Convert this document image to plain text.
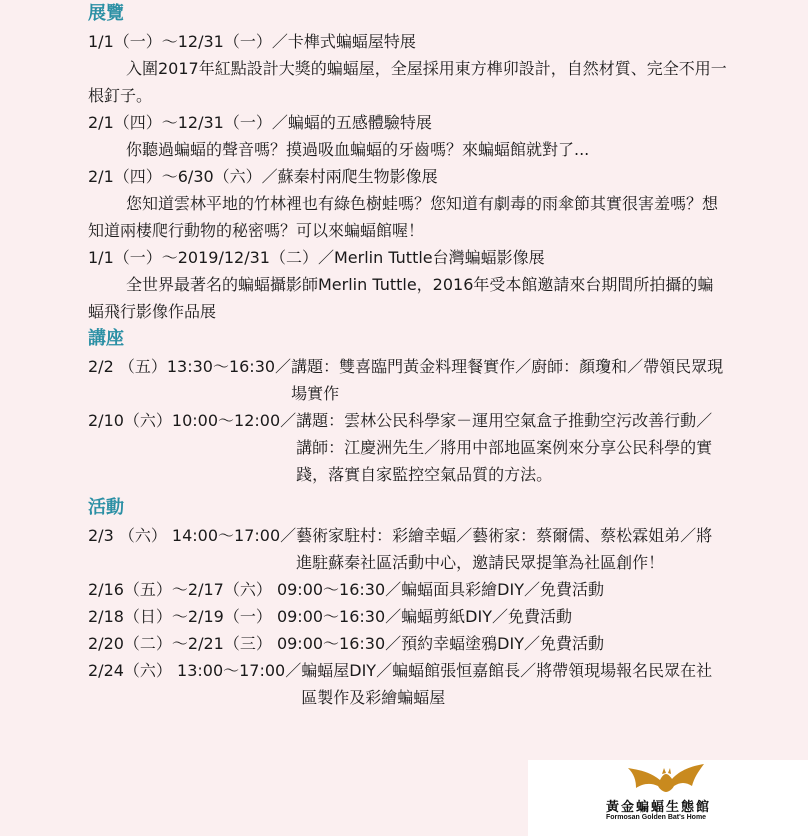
展覽
1/1（一）～12/31（一）／卡榫式蝙蝠屋特展
入圍2017年紅點設計大獎的蝙蝠屋，全屋採用東方榫卯設計，自然材質、完全不用一根釘子。
2/1（四）～12/31（一）／蝙蝠的五感體驗特展
你聽過蝙蝠的聲音嗎？摸過吸血蝙蝠的牙齒嗎？來蝙蝠館就對了...
2/1（四）～6/30（六）／蘇秦村兩爬生物影像展
您知道雲林平地的竹林裡也有綠色樹蛙嗎？您知道有劇毒的雨傘節其實很害羞嗎？想知道兩棲爬行動物的秘密嗎？可以來蝙蝠館喔！
1/1（一）～2019/12/31（二）／Merlin Tuttle台灣蝙蝠影像展
全世界最著名的蝙蝠攝影師Merlin Tuttle，2016年受本館邀請來台期間所拍攝的蝙蝠飛行影像作品展
講座
2/2 （五）13:30～16:30／ 講題：雙喜臨門黃金料理餐實作／廚師：顏瓊和／帶領民眾現場實作
2/10（六）10:00～12:00／ 講題：雲林公民科學家－運用空氣盒子推動空污改善行動／講師：江慶洲先生／將用中部地區案例來分享公民科學的實踐，落實自家監控空氣品質的方法。
活動
2/3 （六） 14:00～17:00／ 藝術家駐村：彩繪幸蝠／藝術家：蔡爾儒、蔡松霖姐弟／將進駐蘇秦社區活動中心，邀請民眾提筆為社區創作！
2/16（五）～2/17（六） 09:00～16:30／ 蝙蝠面具彩繪DIY／免費活動
2/18（日）～2/19（一） 09:00～16:30／ 蝙蝠剪紙DIY／免費活動
2/20（二）～2/21（三） 09:00～16:30／ 預約幸蝠塗鴉DIY／免費活動
2/24（六） 13:00～17:00／ 蝙蝠屋DIY／蝙蝠館張恒嘉館長／將帶領現場報名民眾在社區製作及彩繪蝙蝠屋
黃金蝙蝠生態館
Formosan Golden Bat's Home
